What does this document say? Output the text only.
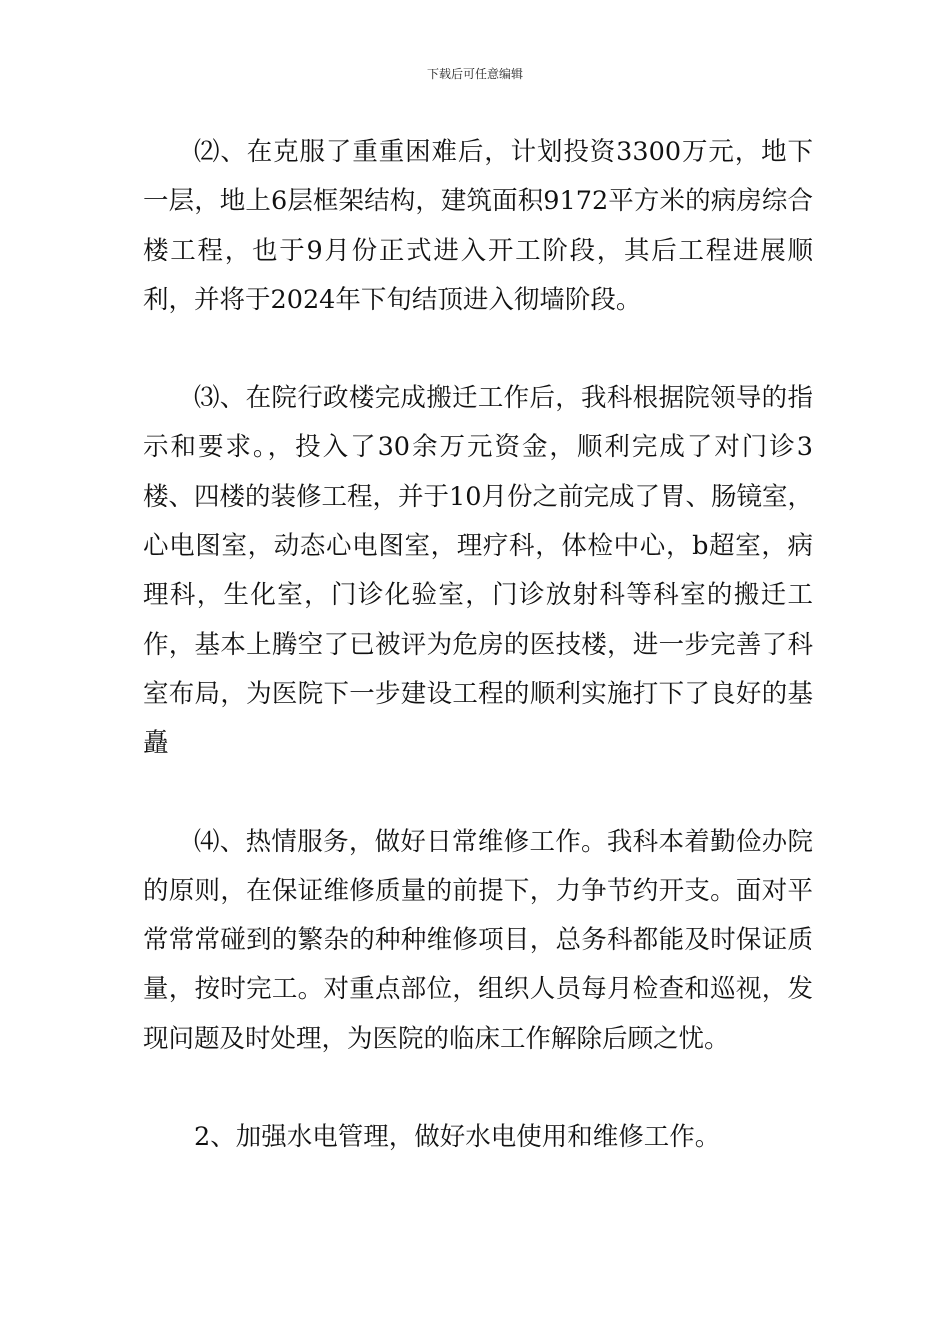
下载后可任意编辑

⑵、在克服了重重困难后，计划投资3300万元，地下一层，地上6层框架结构，建筑面积9172平方米的病房综合楼工程，也于9月份正式进入开工阶段，其后工程进展顺利，并将于2024年下旬结顶进入彻墙阶段。

⑶、在院行政楼完成搬迁工作后，我科根据院领导的指示和要求。，投入了30余万元资金，顺利完成了对门诊3楼、四楼的装修工程，并于10月份之前完成了胃、肠镜室，心电图室，动态心电图室，理疗科，体检中心，b超室，病理科，生化室，门诊化验室，门诊放射科等科室的搬迁工作，基本上腾空了已被评为危房的医技楼，进一步完善了科室布局，为医院下一步建设工程的顺利实施打下了良好的基矗

⑷、热情服务，做好日常维修工作。我科本着勤俭办院的原则，在保证维修质量的前提下，力争节约开支。面对平常常常碰到的繁杂的种种维修项目，总务科都能及时保证质量，按时完工。对重点部位，组织人员每月检查和巡视，发现问题及时处理，为医院的临床工作解除后顾之忧。

2、加强水电管理，做好水电使用和维修工作。
